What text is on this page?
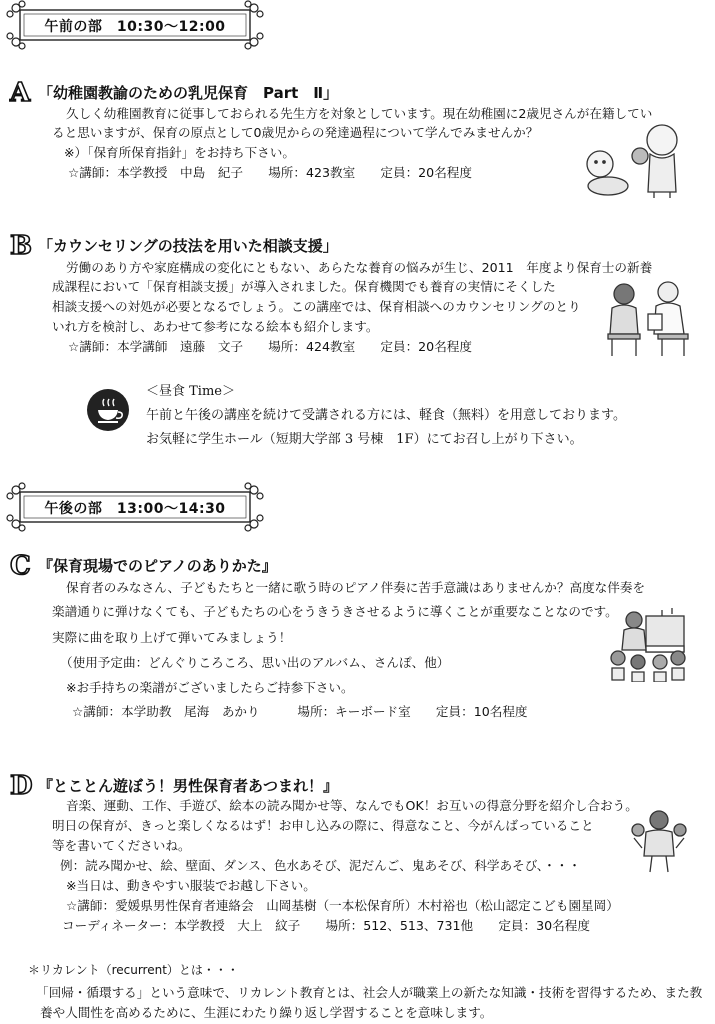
午前の部　10:30～12:00
A 「幼稚園教諭のための乳児保育　Part　Ⅱ」
久しく幼稚園教育に従事しておられる先生方を対象としています。現在幼稚園に2歳児さんが在籍してい
ると思いますが、保育の原点として0歳児からの発達過程について学んでみませんか？
※）「保育所保育指針」をお持ち下さい。
☆講師：本学教授　中島　紀子　　場所：423教室　　定員：20名程度
B 「カウンセリングの技法を用いた相談支援」
労働のあり方や家庭構成の変化にともない、あらたな養育の悩みが生じ、2011　年度より保育士の新養
成課程において「保育相談支援」が導入されました。保育機関でも養育の実情にそくした
相談支援への対処が必要となるでしょう。この講座では、保育相談へのカウンセリングのとり
いれ方を検討し、あわせて参考になる絵本も紹介します。
☆講師：本学講師　遠藤　文子　　場所：424教室　　定員：20名程度
＜昼食 Time＞
午前と午後の講座を続けて受講される方には、軽食（無料）を用意しております。
お気軽に学生ホール（短期大学部 3 号棟　1F）にてお召し上がり下さい。
午後の部　13:00～14:30
C 『保育現場でのピアノのありかた』
保育者のみなさん、子どもたちと一緒に歌う時のピアノ伴奏に苦手意識はありませんか？高度な伴奏を
楽譜通りに弾けなくても、子どもたちの心をうきうきさせるように導くことが重要なことなのです。
実際に曲を取り上げて弾いてみましょう！
（使用予定曲：どんぐりころころ、思い出のアルバム、さんぽ、他）
※お手持ちの楽譜がございましたらご持参下さい。
☆講師：本学助教　尾海　あかり　　　場所：キーボード室　　定員：10名程度
D 『とことん遊ぼう！男性保育者あつまれ！』
音楽、運動、工作、手遊び、絵本の読み聞かせ等、なんでもOK！お互いの得意分野を紹介し合おう。
明日の保育が、きっと楽しくなるはず！お申し込みの際に、得意なこと、今がんばっていること
等を書いてくださいね。
例：読み聞かせ、絵、壁面、ダンス、色水あそび、泥だんご、鬼あそび、科学あそび、・・・
※当日は、動きやすい服装でお越し下さい。
☆講師：愛媛県男性保育者連絡会　山岡基樹（一本松保育所）木村裕也（松山認定こども園星岡）
コーディネーター：本学教授　大上　紋子　　場所：512、513、731他　　定員：30名程度
＊リカレント（recurrent）とは・・・
「回帰・循環する」という意味で、リカレント教育とは、社会人が職業上の新たな知識・技術を習得するため、また教
養や人間性を高めるために、生涯にわたり繰り返し学習することを意味します。
